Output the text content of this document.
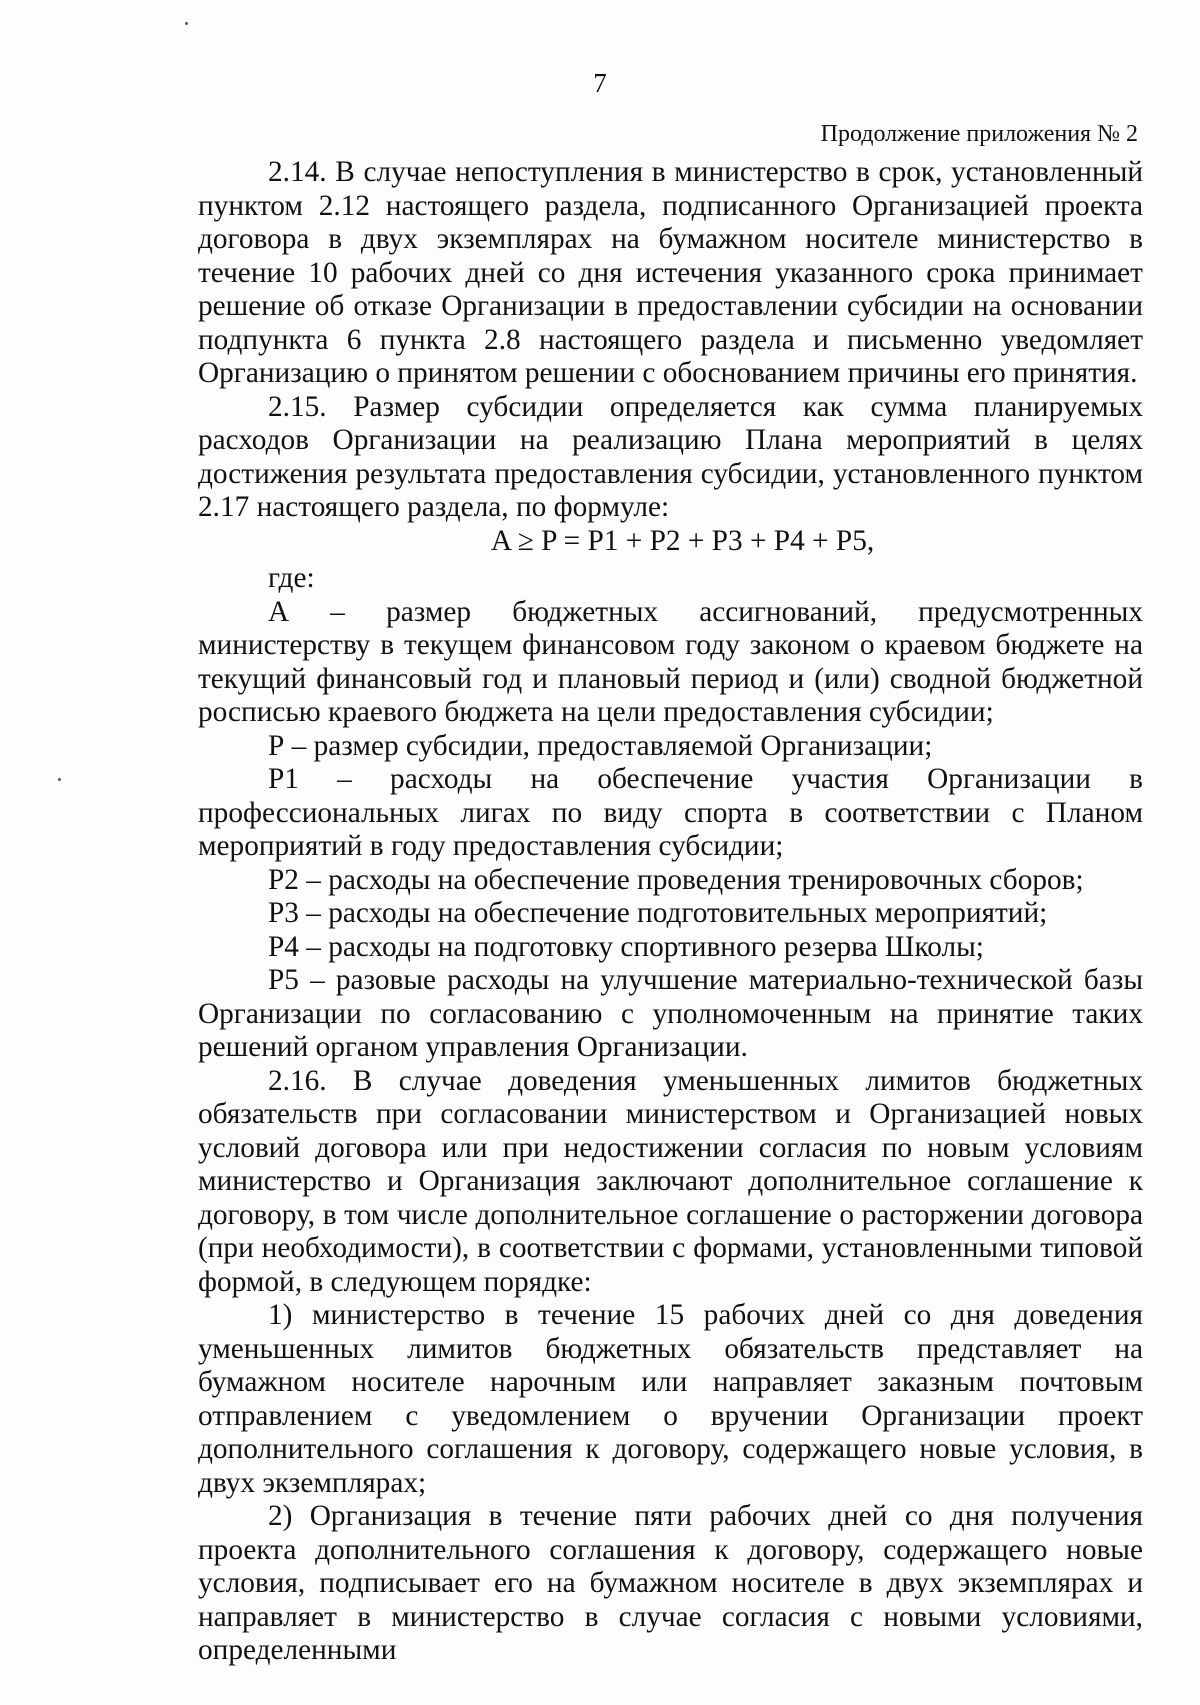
7
Продолжение приложения № 2

2.14. В случае непоступления в министерство в срок, установленный пунктом 2.12 настоящего раздела, подписанного Организацией проекта договора в двух экземплярах на бумажном носителе министерство в течение 10 рабочих дней со дня истечения указанного срока принимает решение об отказе Организации в предоставлении субсидии на основании подпункта 6 пункта 2.8 настоящего раздела и письменно уведомляет Организацию о принятом решении с обоснованием причины его принятия.

2.15. Размер субсидии определяется как сумма планируемых расходов Организации на реализацию Плана мероприятий в целях достижения результата предоставления субсидии, установленного пунктом 2.17 настоящего раздела, по формуле:

A ≥ P = P1 + P2 + P3 + P4 + P5,

где:

А – размер бюджетных ассигнований, предусмотренных министерству в текущем финансовом году законом о краевом бюджете на текущий финансовый год и плановый период и (или) сводной бюджетной росписью краевого бюджета на цели предоставления субсидии;

Р – размер субсидии, предоставляемой Организации;

Р1 – расходы на обеспечение участия Организации в профессиональных лигах по виду спорта в соответствии с Планом мероприятий в году предоставления субсидии;

Р2 – расходы на обеспечение проведения тренировочных сборов;

Р3 – расходы на обеспечение подготовительных мероприятий;

Р4 – расходы на подготовку спортивного резерва Школы;

Р5 – разовые расходы на улучшение материально-технической базы Организации по согласованию с уполномоченным на принятие таких решений органом управления Организации.

2.16. В случае доведения уменьшенных лимитов бюджетных обязательств при согласовании министерством и Организацией новых условий договора или при недостижении согласия по новым условиям министерство и Организация заключают дополнительное соглашение к договору, в том числе дополнительное соглашение о расторжении договора (при необходимости), в соответствии с формами, установленными типовой формой, в следующем порядке:

1) министерство в течение 15 рабочих дней со дня доведения уменьшенных лимитов бюджетных обязательств представляет на бумажном носителе нарочным или направляет заказным почтовым отправлением с уведомлением о вручении Организации проект дополнительного соглашения к договору, содержащего новые условия, в двух экземплярах;

2) Организация в течение пяти рабочих дней со дня получения проекта дополнительного соглашения к договору, содержащего новые условия, подписывает его на бумажном носителе в двух экземплярах и направляет в министерство в случае согласия с новыми условиями, определенными
